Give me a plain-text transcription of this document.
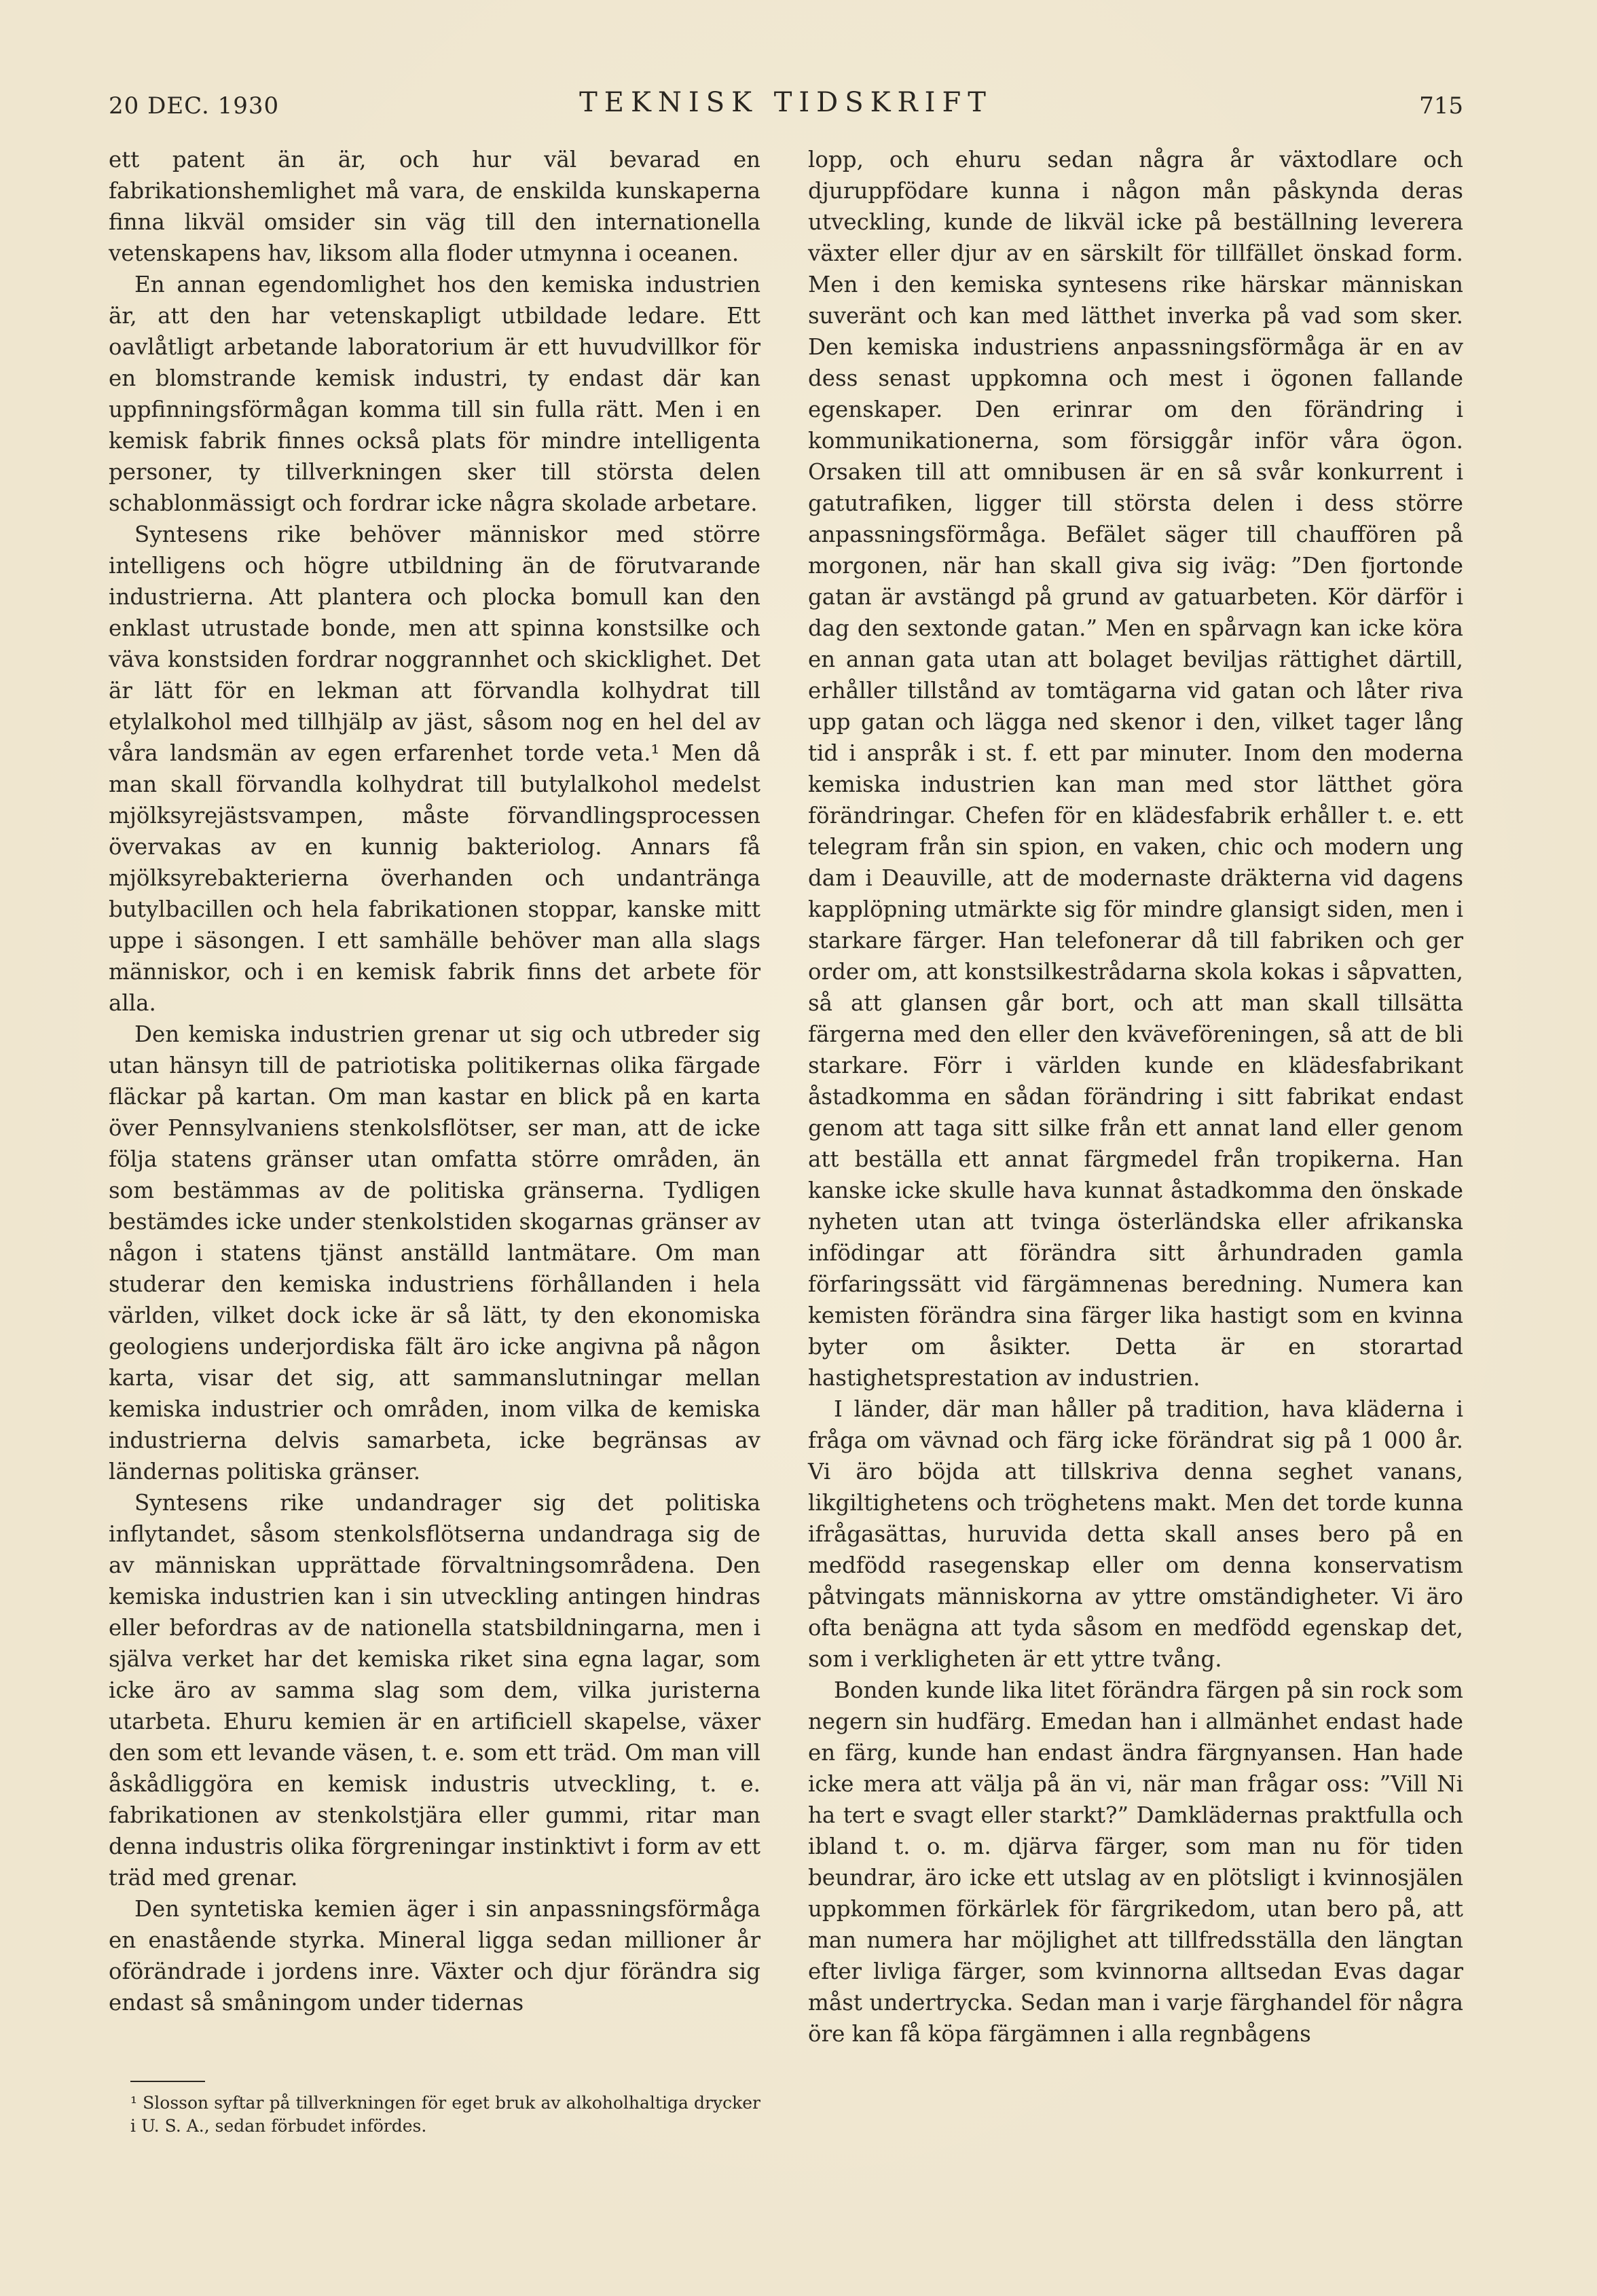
20 DEC. 1930	TEKNISK TIDSKRIFT	715

ett patent än är, och hur väl bevarad en fabrikationshemlighet må vara, de enskilda kunskaperna finna likväl omsider sin väg till den internationella vetenskapens hav, liksom alla floder utmynna i oceanen.

En annan egendomlighet hos den kemiska industrien är, att den har vetenskapligt utbildade ledare. Ett oavlåtligt arbetande laboratorium är ett huvudvillkor för en blomstrande kemisk industri, ty endast där kan uppfinningsförmågan komma till sin fulla rätt. Men i en kemisk fabrik finnes också plats för mindre intelligenta personer, ty tillverkningen sker till största delen schablonmässigt och fordrar icke några skolade arbetare.

Syntesens rike behöver människor med större intelligens och högre utbildning än de förutvarande industrierna. Att plantera och plocka bomull kan den enklast utrustade bonde, men att spinna konstsilke och väva konstsiden fordrar noggrannhet och skicklighet. Det är lätt för en lekman att förvandla kolhydrat till etylalkohol med tillhjälp av jäst, såsom nog en hel del av våra landsmän av egen erfarenhet torde veta.¹ Men då man skall förvandla kolhydrat till butylalkohol medelst mjölksyrejästsvampen, måste förvandlingsprocessen övervakas av en kunnig bakteriolog. Annars få mjölksyrebakterierna överhanden och undantränga butylbacillen och hela fabrikationen stoppar, kanske mitt uppe i säsongen. I ett samhälle behöver man alla slags människor, och i en kemisk fabrik finns det arbete för alla.

Den kemiska industrien grenar ut sig och utbreder sig utan hänsyn till de patriotiska politikernas olika färgade fläckar på kartan. Om man kastar en blick på en karta över Pennsylvaniens stenkolsflötser, ser man, att de icke följa statens gränser utan omfatta större områden, än som bestämmas av de politiska gränserna. Tydligen bestämdes icke under stenkolstiden skogarnas gränser av någon i statens tjänst anställd lantmätare. Om man studerar den kemiska industriens förhållanden i hela världen, vilket dock icke är så lätt, ty den ekonomiska geologiens underjordiska fält äro icke angivna på någon karta, visar det sig, att sammanslutningar mellan kemiska industrier och områden, inom vilka de kemiska industrierna delvis samarbeta, icke begränsas av ländernas politiska gränser.

Syntesens rike undandrager sig det politiska inflytandet, såsom stenkolsflötserna undandraga sig de av människan upprättade förvaltningsområdena. Den kemiska industrien kan i sin utveckling antingen hindras eller befordras av de nationella statsbildningarna, men i själva verket har det kemiska riket sina egna lagar, som icke äro av samma slag som dem, vilka juristerna utarbeta. Ehuru kemien är en artificiell skapelse, växer den som ett levande väsen, t. e. som ett träd. Om man vill åskådliggöra en kemisk industris utveckling, t. e. fabrikationen av stenkolstjära eller gummi, ritar man denna industris olika förgreningar instinktivt i form av ett träd med grenar.

Den syntetiska kemien äger i sin anpassningsförmåga en enastående styrka. Mineral ligga sedan millioner år oförändrade i jordens inre. Växter och djur förändra sig endast så småningom under tidernas

lopp, och ehuru sedan några år växtodlare och djuruppfödare kunna i någon mån påskynda deras utveckling, kunde de likväl icke på beställning leverera växter eller djur av en särskilt för tillfället önskad form. Men i den kemiska syntesens rike härskar människan suveränt och kan med lätthet inverka på vad som sker. Den kemiska industriens anpassningsförmåga är en av dess senast uppkomna och mest i ögonen fallande egenskaper. Den erinrar om den förändring i kommunikationerna, som försiggår inför våra ögon. Orsaken till att omnibusen är en så svår konkurrent i gatutrafiken, ligger till största delen i dess större anpassningsförmåga. Befälet säger till chauffören på morgonen, när han skall giva sig iväg: ”Den fjortonde gatan är avstängd på grund av gatuarbeten. Kör därför i dag den sextonde gatan.” Men en spårvagn kan icke köra en annan gata utan att bolaget beviljas rättighet därtill, erhåller tillstånd av tomtägarna vid gatan och låter riva upp gatan och lägga ned skenor i den, vilket tager lång tid i anspråk i st. f. ett par minuter. Inom den moderna kemiska industrien kan man med stor lätthet göra förändringar. Chefen för en klädesfabrik erhåller t. e. ett telegram från sin spion, en vaken, chic och modern ung dam i Deauville, att de modernaste dräkterna vid dagens kapplöpning utmärkte sig för mindre glansigt siden, men i starkare färger. Han telefonerar då till fabriken och ger order om, att konstsilkestrådarna skola kokas i såpvatten, så att glansen går bort, och att man skall tillsätta färgerna med den eller den kväveföreningen, så att de bli starkare. Förr i världen kunde en klädesfabrikant åstadkomma en sådan förändring i sitt fabrikat endast genom att taga sitt silke från ett annat land eller genom att beställa ett annat färgmedel från tropikerna. Han kanske icke skulle hava kunnat åstadkomma den önskade nyheten utan att tvinga österländska eller afrikanska infödingar att förändra sitt århundraden gamla förfaringssätt vid färgämnenas beredning. Numera kan kemisten förändra sina färger lika hastigt som en kvinna byter om åsikter. Detta är en storartad hastighetsprestation av industrien.

I länder, där man håller på tradition, hava kläderna i fråga om vävnad och färg icke förändrat sig på 1 000 år. Vi äro böjda att tillskriva denna seghet vanans, likgiltighetens och tröghetens makt. Men det torde kunna ifrågasättas, huruvida detta skall anses bero på en medfödd rasegenskap eller om denna konservatism påtvingats människorna av yttre omständigheter. Vi äro ofta benägna att tyda såsom en medfödd egenskap det, som i verkligheten är ett yttre tvång.

Bonden kunde lika litet förändra färgen på sin rock som negern sin hudfärg. Emedan han i allmänhet endast hade en färg, kunde han endast ändra färgnyansen. Han hade icke mera att välja på än vi, när man frågar oss: ”Vill Ni ha tert e svagt eller starkt?” Damklädernas praktfulla och ibland t. o. m. djärva färger, som man nu för tiden beundrar, äro icke ett utslag av en plötsligt i kvinnosjälen uppkommen förkärlek för färgrikedom, utan bero på, att man numera har möjlighet att tillfredsställa den längtan efter livliga färger, som kvinnorna alltsedan Evas dagar måst undertrycka. Sedan man i varje färghandel för några öre kan få köpa färgämnen i alla regnbågens

¹ Slosson syftar på tillverkningen för eget bruk av alkoholhaltiga drycker i U. S. A., sedan förbudet infördes.
